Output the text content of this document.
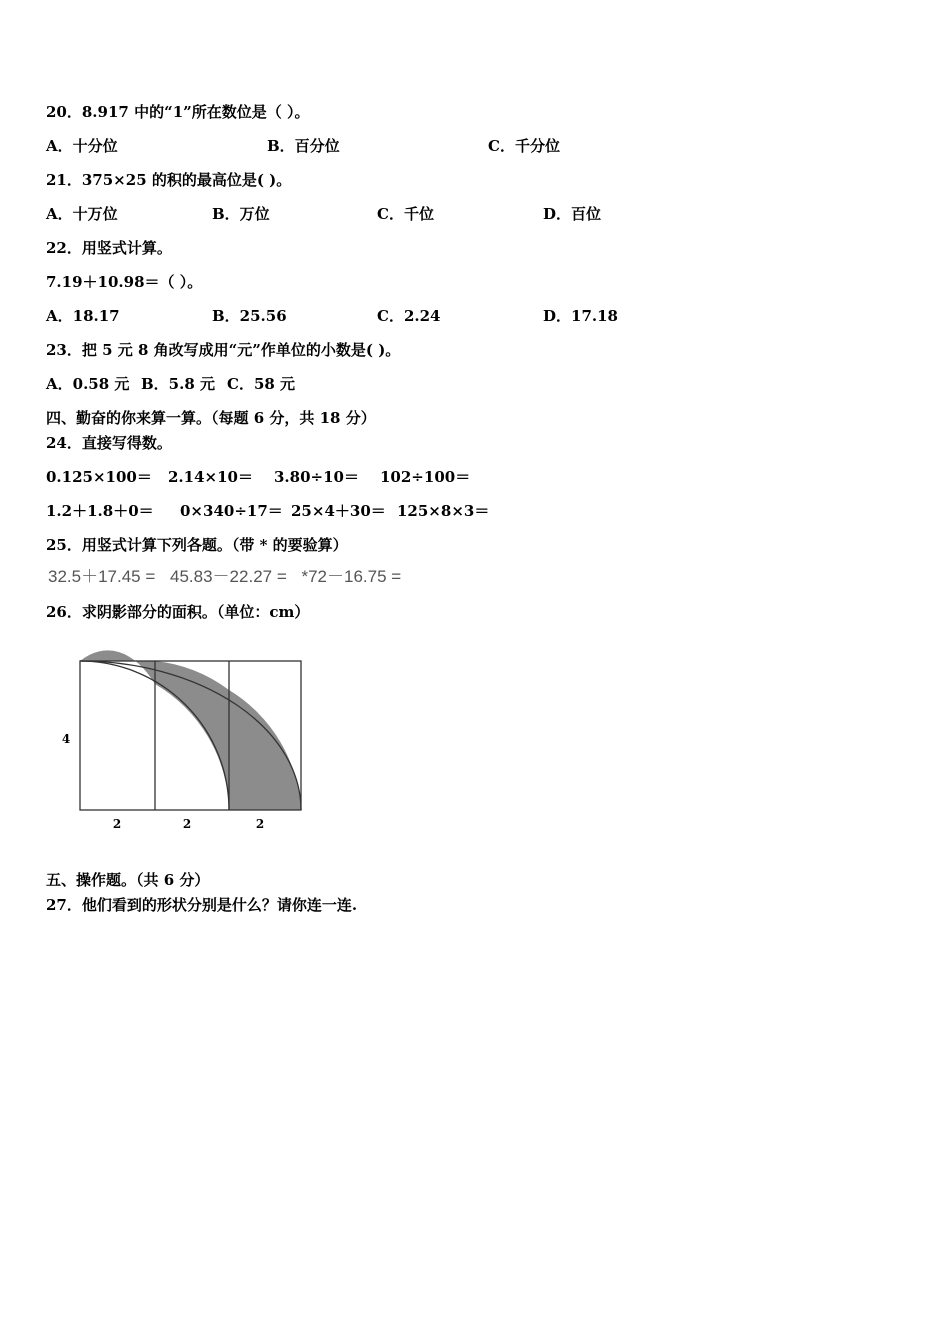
20．8.917 中的“1”所在数位是（ ）。
A．十分位	B．百分位	C．千分位
21．375×25 的积的最高位是( )。
A．十万位	B．万位	C．千位	D．百位
22．用竖式计算。
7.19＋10.98＝（ ）。
A．18.17	B．25.56	C．2.24	D．17.18
23．把 5 元 8 角改写成用“元”作单位的小数是( )。
A．0.58 元 B．5.8 元 C．58 元
四、勤奋的你来算一算。（每题 6 分，共 18 分）
24．直接写得数。
0.125×100＝ 2.14×10＝ 3.80÷10＝ 102÷100＝
1.2＋1.8＋0＝ 0×340÷17＝ 25×4＋30＝ 125×8×3＝
25．用竖式计算下列各题。（带 * 的要验算）
32.5＋17.45 = 45.83－22.27 = *72－16.75 =
26．求阴影部分的面积。（单位：cm）
4
2	2	2
五、操作题。（共 6 分）
27．他们看到的形状分别是什么？请你连一连.
